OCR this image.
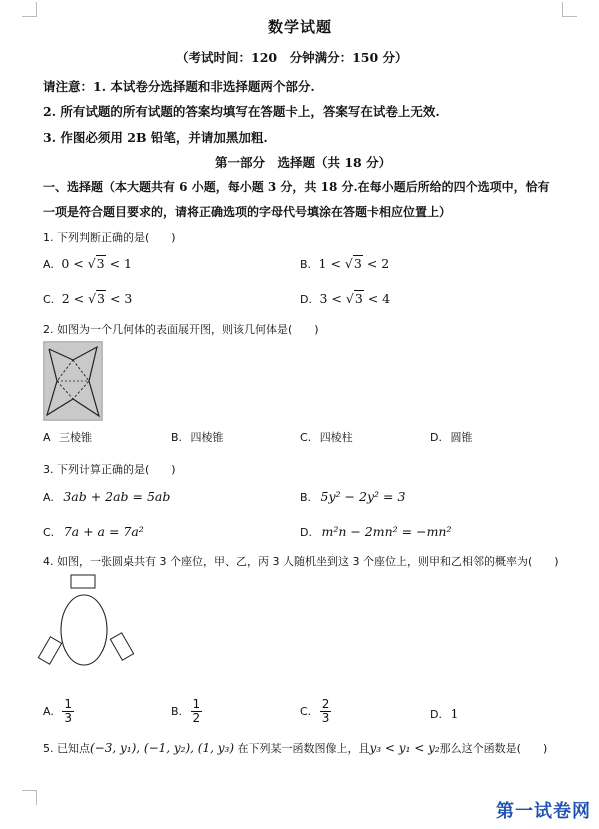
数学试题
（考试时间：120　分钟满分：150 分）
请注意：1. 本试卷分选择题和非选择题两个部分.
2. 所有试题的所有试题的答案均填写在答题卡上，答案写在试卷上无效.
3. 作图必须用 2B 铅笔，并请加黑加粗.
第一部分　选择题（共 18 分）
一、选择题（本大题共有 6 小题，每小题 3 分，共 18 分.在每小题后所给的四个选项中，恰有
一项是符合题目要求的，请将正确选项的字母代号填涂在答题卡相应位置上）
1. 下列判断正确的是(　　)
A. 0 < √3 < 1	B. 1 < √3 < 2
C. 2 < √3 < 3	D. 3 < √3 < 4
2. 如图为一个几何体的表面展开图，则该几何体是(　　)
A 三棱锥	B. 四棱锥	C. 四棱柱	D. 圆锥
3. 下列计算正确的是(　　)
A. 3ab + 2ab = 5ab	B. 5y² − 2y² = 3
C. 7a + a = 7a²	D. m²n − 2mn² = −mn²
4. 如图，一张圆桌共有 3 个座位，甲、乙，丙 3 人随机坐到这 3 个座位上，则甲和乙相邻的概率为(　　)
A. $\frac{1}{3}$	B. $\frac{1}{2}$	C. $\frac{2}{3}$	D. 1
5. 已知点(−3, y₁), (−1, y₂), (1, y₃) 在下列某一函数图像上，且y₃ < y₁ < y₂那么这个函数是(　　)
第一试卷网
